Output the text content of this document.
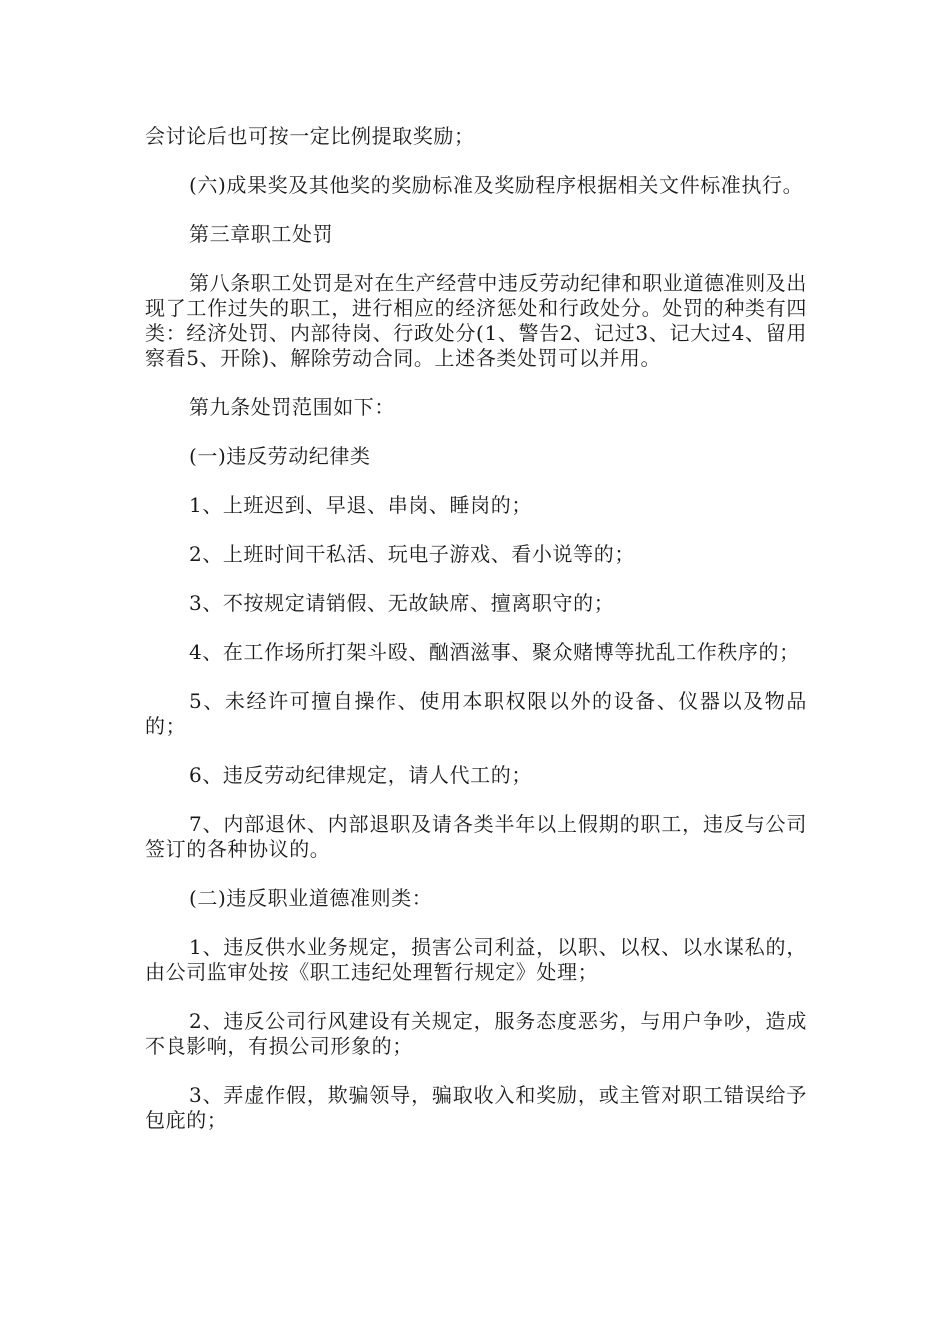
会讨论后也可按一定比例提取奖励；

(六)成果奖及其他奖的奖励标准及奖励程序根据相关文件标准执行。

第三章职工处罚

第八条职工处罚是对在生产经营中违反劳动纪律和职业道德准则及出现了工作过失的职工，进行相应的经济惩处和行政处分。处罚的种类有四类：经济处罚、内部待岗、行政处分(1、警告2、记过3、记大过4、留用察看5、开除)、解除劳动合同。上述各类处罚可以并用。

第九条处罚范围如下：

(一)违反劳动纪律类

1、上班迟到、早退、串岗、睡岗的；

2、上班时间干私活、玩电子游戏、看小说等的；

3、不按规定请销假、无故缺席、擅离职守的；

4、在工作场所打架斗殴、酗酒滋事、聚众赌博等扰乱工作秩序的；

5、未经许可擅自操作、使用本职权限以外的设备、仪器以及物品的；

6、违反劳动纪律规定，请人代工的；

7、内部退休、内部退职及请各类半年以上假期的职工，违反与公司签订的各种协议的。

(二)违反职业道德准则类：

1、违反供水业务规定，损害公司利益，以职、以权、以水谋私的，由公司监审处按《职工违纪处理暂行规定》处理；

2、违反公司行风建设有关规定，服务态度恶劣，与用户争吵，造成不良影响，有损公司形象的；

3、弄虚作假，欺骗领导，骗取收入和奖励，或主管对职工错误给予包庇的；
